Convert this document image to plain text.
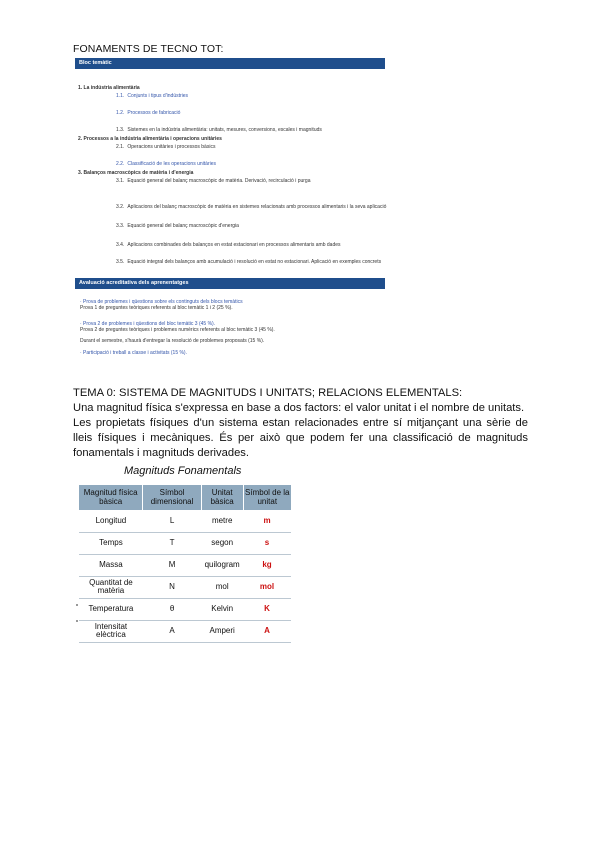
FONAMENTS DE TECNO TOT:
Bloc temàtic
1. La indústria alimentària
1.1. Conjunts i tipus d'indústries
1.2. Processos de fabricació
1.3. Sistemes en la indústria alimentària: unitats, mesures, conversions, escales i magnituds
2. Processos a la indústria alimentària i operacions unitàries
2.1. Operacions unitàries i processos bàsics
2.2. Classificació de les operacions unitàries
3. Balanços macroscòpics de matèria i d'energia
3.1. Equació general del balanç macroscòpic de matèria. Derivació, recirculació i purga
3.2. Aplicacions del balanç macroscòpic de matèria en sistemes relacionats amb processos alimentaris i la seva aplicació
3.3. Equació general del balanç macroscòpic d'energia
3.4. Aplicacions combinades dels balanços en estat estacionari en processos alimentaris amb dades
3.5. Equació integral dels balanços amb acumulació i resolució en estat no estacionari. Aplicació en exemples concrets
Avaluació acreditativa dels aprenentatges
· Prova de problemes i qüestions sobre els continguts dels blocs temàtics
Prova 1 de preguntes teòriques referents al bloc temàtic 1 i 2 (25 %).
· Prova 2 de problemes i qüestions del bloc temàtic 3 (45 %).
Prova 2 de preguntes teòriques i problemes numèrics referents al bloc temàtic 3 (45 %).
Durant el semestre, s'haurà d'entregar la resolució de problemes proposats (15 %).
· Participació i treball a classe i activitats (15 %).
TEMA 0: SISTEMA DE MAGNITUDS I UNITATS; RELACIONS ELEMENTALS:

Una magnitud física s'expressa en base a dos factors: el valor unitat i el nombre de unitats.

Les propietats físiques d'un sistema estan relacionades entre sí mitjançant una sèrie de lleis físiques i mecàniques. És per això que podem fer una classificació de magnituds fonamentals i magnituds derivades.

Magnituds Fonamentals
Magnitud física bàsica	Símbol dimensional	Unitat bàsica	Símbol de la unitat
Longitud	L	metre	m
Temps	T	segon	s
Massa	M	quilogram	kg
Quantitat de matèria	N	mol	mol
Temperatura	θ	Kelvin	K
Intensitat elèctrica	A	Amperi	A
